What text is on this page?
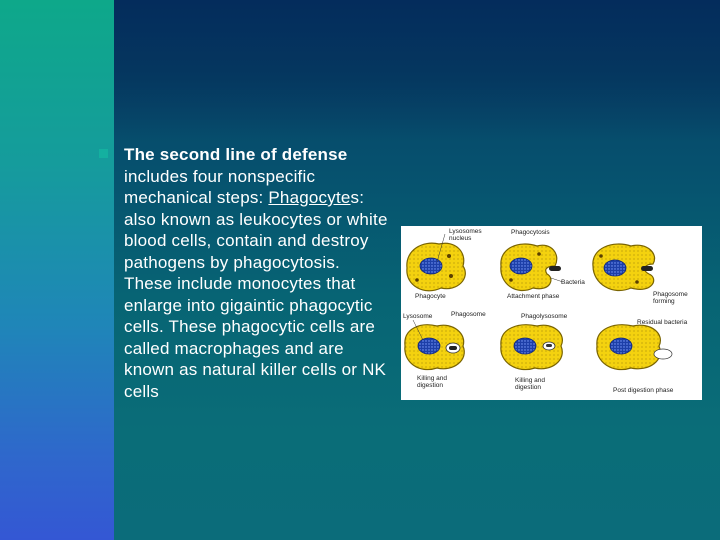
The second line of defense includes four nonspecific mechanical steps: Phagocytes: also known as leukocytes or white blood cells, contain and destroy pathogens by phagocytosis. These include monocytes that enlarge into gigaintic phagocytic cells. These phagocytic cells are called macrophages and are known as natural killer cells or NK cells
Lysosomes nucleus
Phagocytosis
Bacteria
Phagocyte	Attachment phase	Phagosome forming
Lysosome	Phagosome	Phagolysosome
Residual bacteria
Killing and digestion
Killing and digestion	Post digestion phase
